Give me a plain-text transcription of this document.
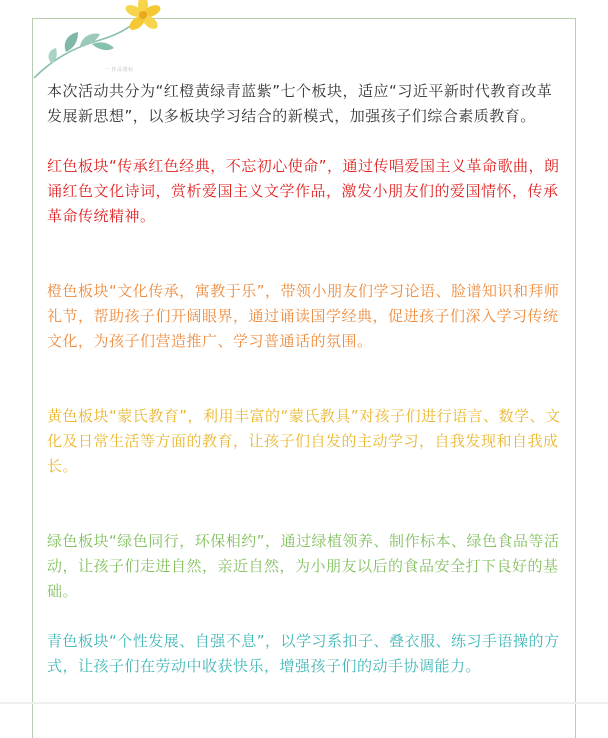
一 作品图标

本次活动共分为“红橙黄绿青蓝紫”七个板块，适应“习近平新时代教育改革发展新思想”，以多板块学习结合的新模式，加强孩子们综合素质教育。

红色板块“传承红色经典，不忘初心使命”，通过传唱爱国主义革命歌曲，朗诵红色文化诗词，赏析爱国主义文学作品，激发小朋友们的爱国情怀，传承革命传统精神。

橙色板块“文化传承，寓教于乐”，带领小朋友们学习论语、脸谱知识和拜师礼节，帮助孩子们开阔眼界，通过诵读国学经典，促进孩子们深入学习传统文化，为孩子们营造推广、学习普通话的氛围。

黄色板块“蒙氏教育”，利用丰富的“蒙氏教具”对孩子们进行语言、数学、文化及日常生活等方面的教育，让孩子们自发的主动学习，自我发现和自我成长。

绿色板块“绿色同行，环保相约”，通过绿植领养、制作标本、绿色食品等活动，让孩子们走进自然，亲近自然，为小朋友以后的食品安全打下良好的基础。

青色板块“个性发展、自强不息”，以学习系扣子、叠衣服、练习手语操的方式，让孩子们在劳动中收获快乐，增强孩子们的动手协调能力。
